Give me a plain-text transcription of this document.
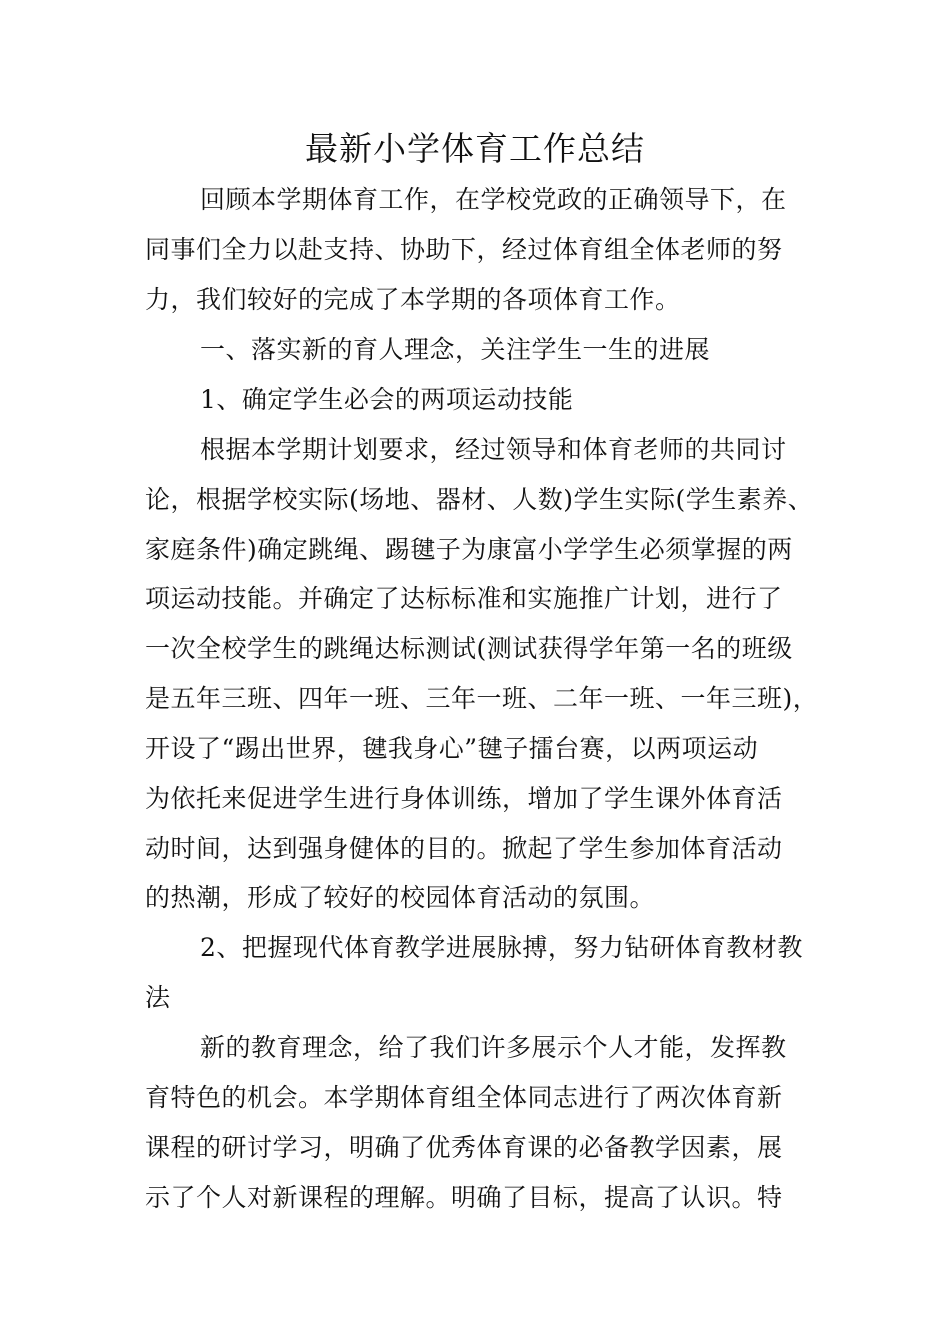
最新小学体育工作总结
回顾本学期体育工作，在学校党政的正确领导下，在
同事们全力以赴支持、协助下，经过体育组全体老师的努
力，我们较好的完成了本学期的各项体育工作。
一、落实新的育人理念，关注学生一生的进展
1、确定学生必会的两项运动技能
根据本学期计划要求，经过领导和体育老师的共同讨
论，根据学校实际(场地、器材、人数)学生实际(学生素养、
家庭条件)确定跳绳、踢毽子为康富小学学生必须掌握的两
项运动技能。并确定了达标标准和实施推广计划，进行了
一次全校学生的跳绳达标测试(测试获得学年第一名的班级
是五年三班、四年一班、三年一班、二年一班、一年三班)，
开设了“踢出世界，毽我身心”毽子擂台赛，以两项运动
为依托来促进学生进行身体训练，增加了学生课外体育活
动时间，达到强身健体的目的。掀起了学生参加体育活动
的热潮，形成了较好的校园体育活动的氛围。
2、把握现代体育教学进展脉搏，努力钻研体育教材教
法
新的教育理念，给了我们许多展示个人才能，发挥教
育特色的机会。本学期体育组全体同志进行了两次体育新
课程的研讨学习，明确了优秀体育课的必备教学因素，展
示了个人对新课程的理解。明确了目标，提高了认识。特
